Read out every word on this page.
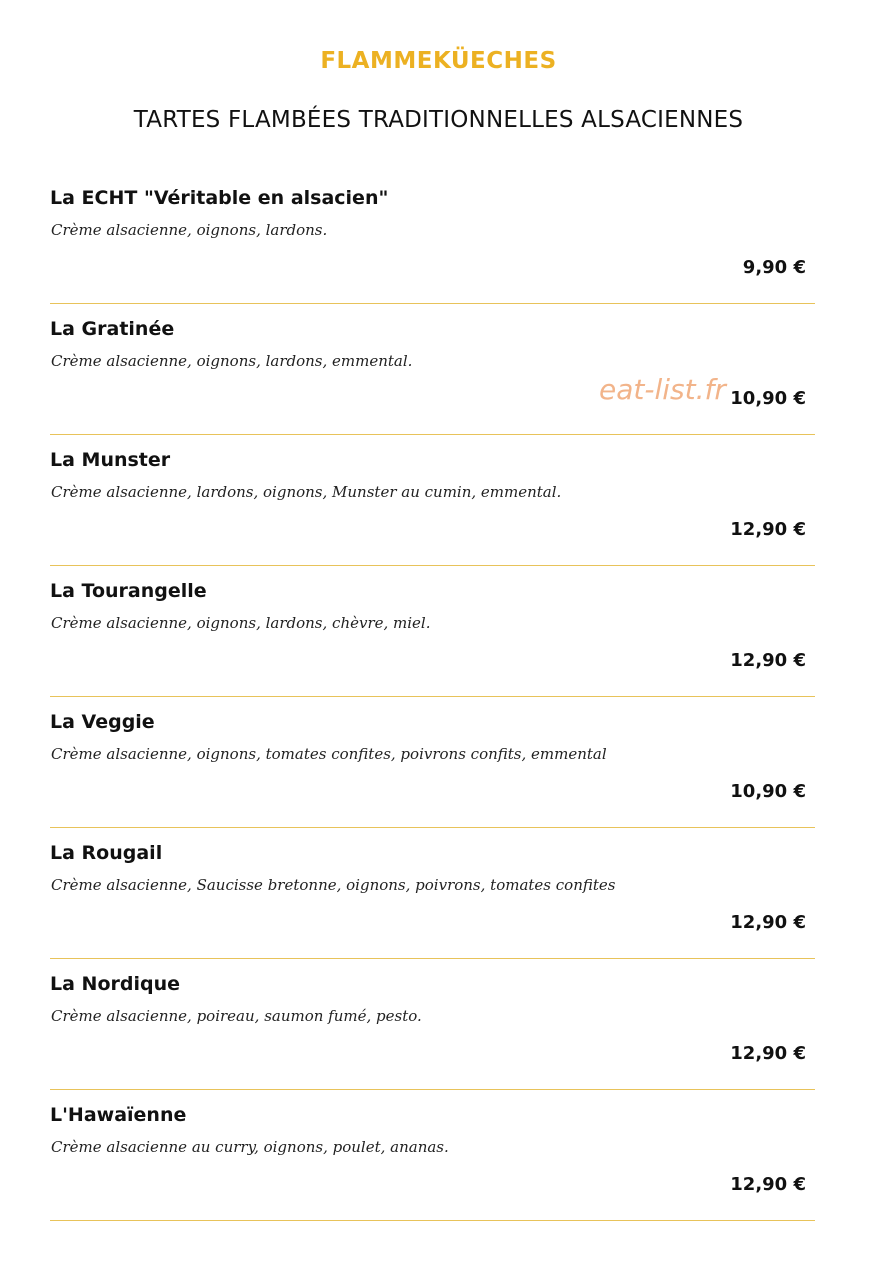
FLAMMEKÜECHES
TARTES FLAMBÉES TRADITIONNELLES ALSACIENNES
La ECHT "Véritable en alsacien"
Crème alsacienne, oignons, lardons.
9,90 €
La Gratinée
Crème alsacienne, oignons, lardons, emmental.
10,90 €
La Munster
Crème alsacienne, lardons, oignons, Munster au cumin, emmental.
12,90 €
La Tourangelle
Crème alsacienne, oignons, lardons, chèvre, miel.
12,90 €
La Veggie
Crème alsacienne, oignons, tomates confites, poivrons confits, emmental
10,90 €
La Rougail
Crème alsacienne, Saucisse bretonne, oignons, poivrons, tomates confites
12,90 €
La Nordique
Crème alsacienne, poireau, saumon fumé, pesto.
12,90 €
L'Hawaïenne
Crème alsacienne au curry, oignons, poulet, ananas.
12,90 €
eat-list.fr
